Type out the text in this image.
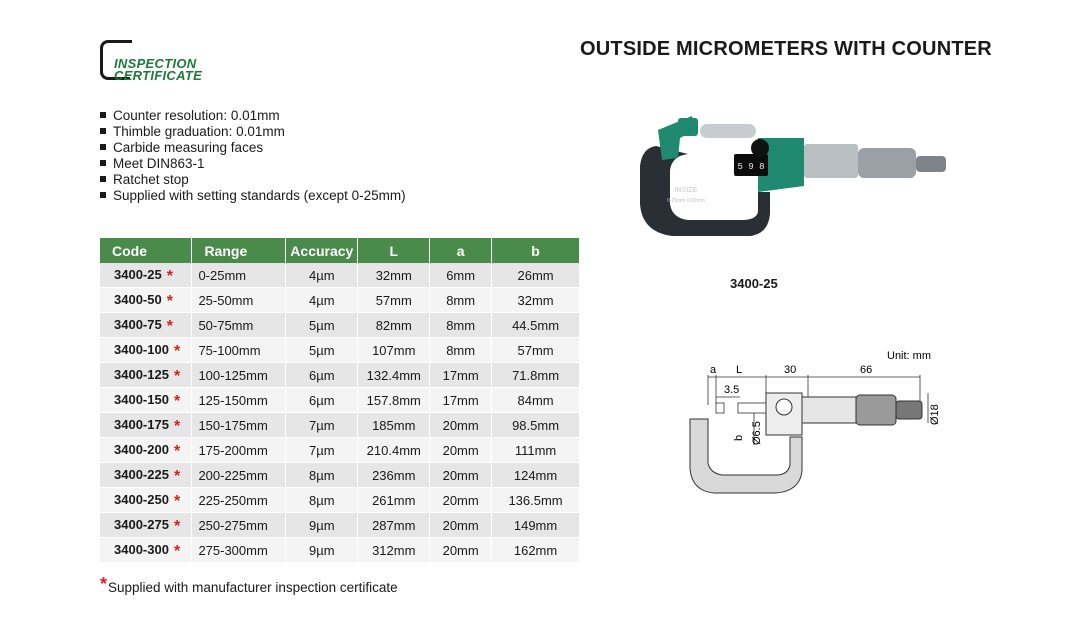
INSPECTION
CERTIFICATE
OUTSIDE MICROMETERS WITH COUNTER
Counter resolution: 0.01mm
Thimble graduation: 0.01mm
Carbide measuring faces
Meet DIN863-1
Ratchet stop
Supplied with setting standards (except 0-25mm)
Code	Range	Accuracy	L	a	b
3400-25 *	0-25mm	4µm	32mm	6mm	26mm
3400-50 *	25-50mm	4µm	57mm	8mm	32mm
3400-75 *	50-75mm	5µm	82mm	8mm	44.5mm
3400-100 *	75-100mm	5µm	107mm	8mm	57mm
3400-125 *	100-125mm	6µm	132.4mm	17mm	71.8mm
3400-150 *	125-150mm	6µm	157.8mm	17mm	84mm
3400-175 *	150-175mm	7µm	185mm	20mm	98.5mm
3400-200 *	175-200mm	7µm	210.4mm	20mm	111mm
3400-225 *	200-225mm	8µm	236mm	20mm	124mm
3400-250 *	225-250mm	8µm	261mm	20mm	136.5mm
3400-275 *	250-275mm	9µm	287mm	20mm	149mm
3400-300 *	275-300mm	9µm	312mm	20mm	162mm
*Supplied with manufacturer inspection certificate
5 9 8
INSIZE
0-25mm 0.01mm
3400-25
Unit: mm
a L	30	66
3.5
b Ø6.5
Ø18
